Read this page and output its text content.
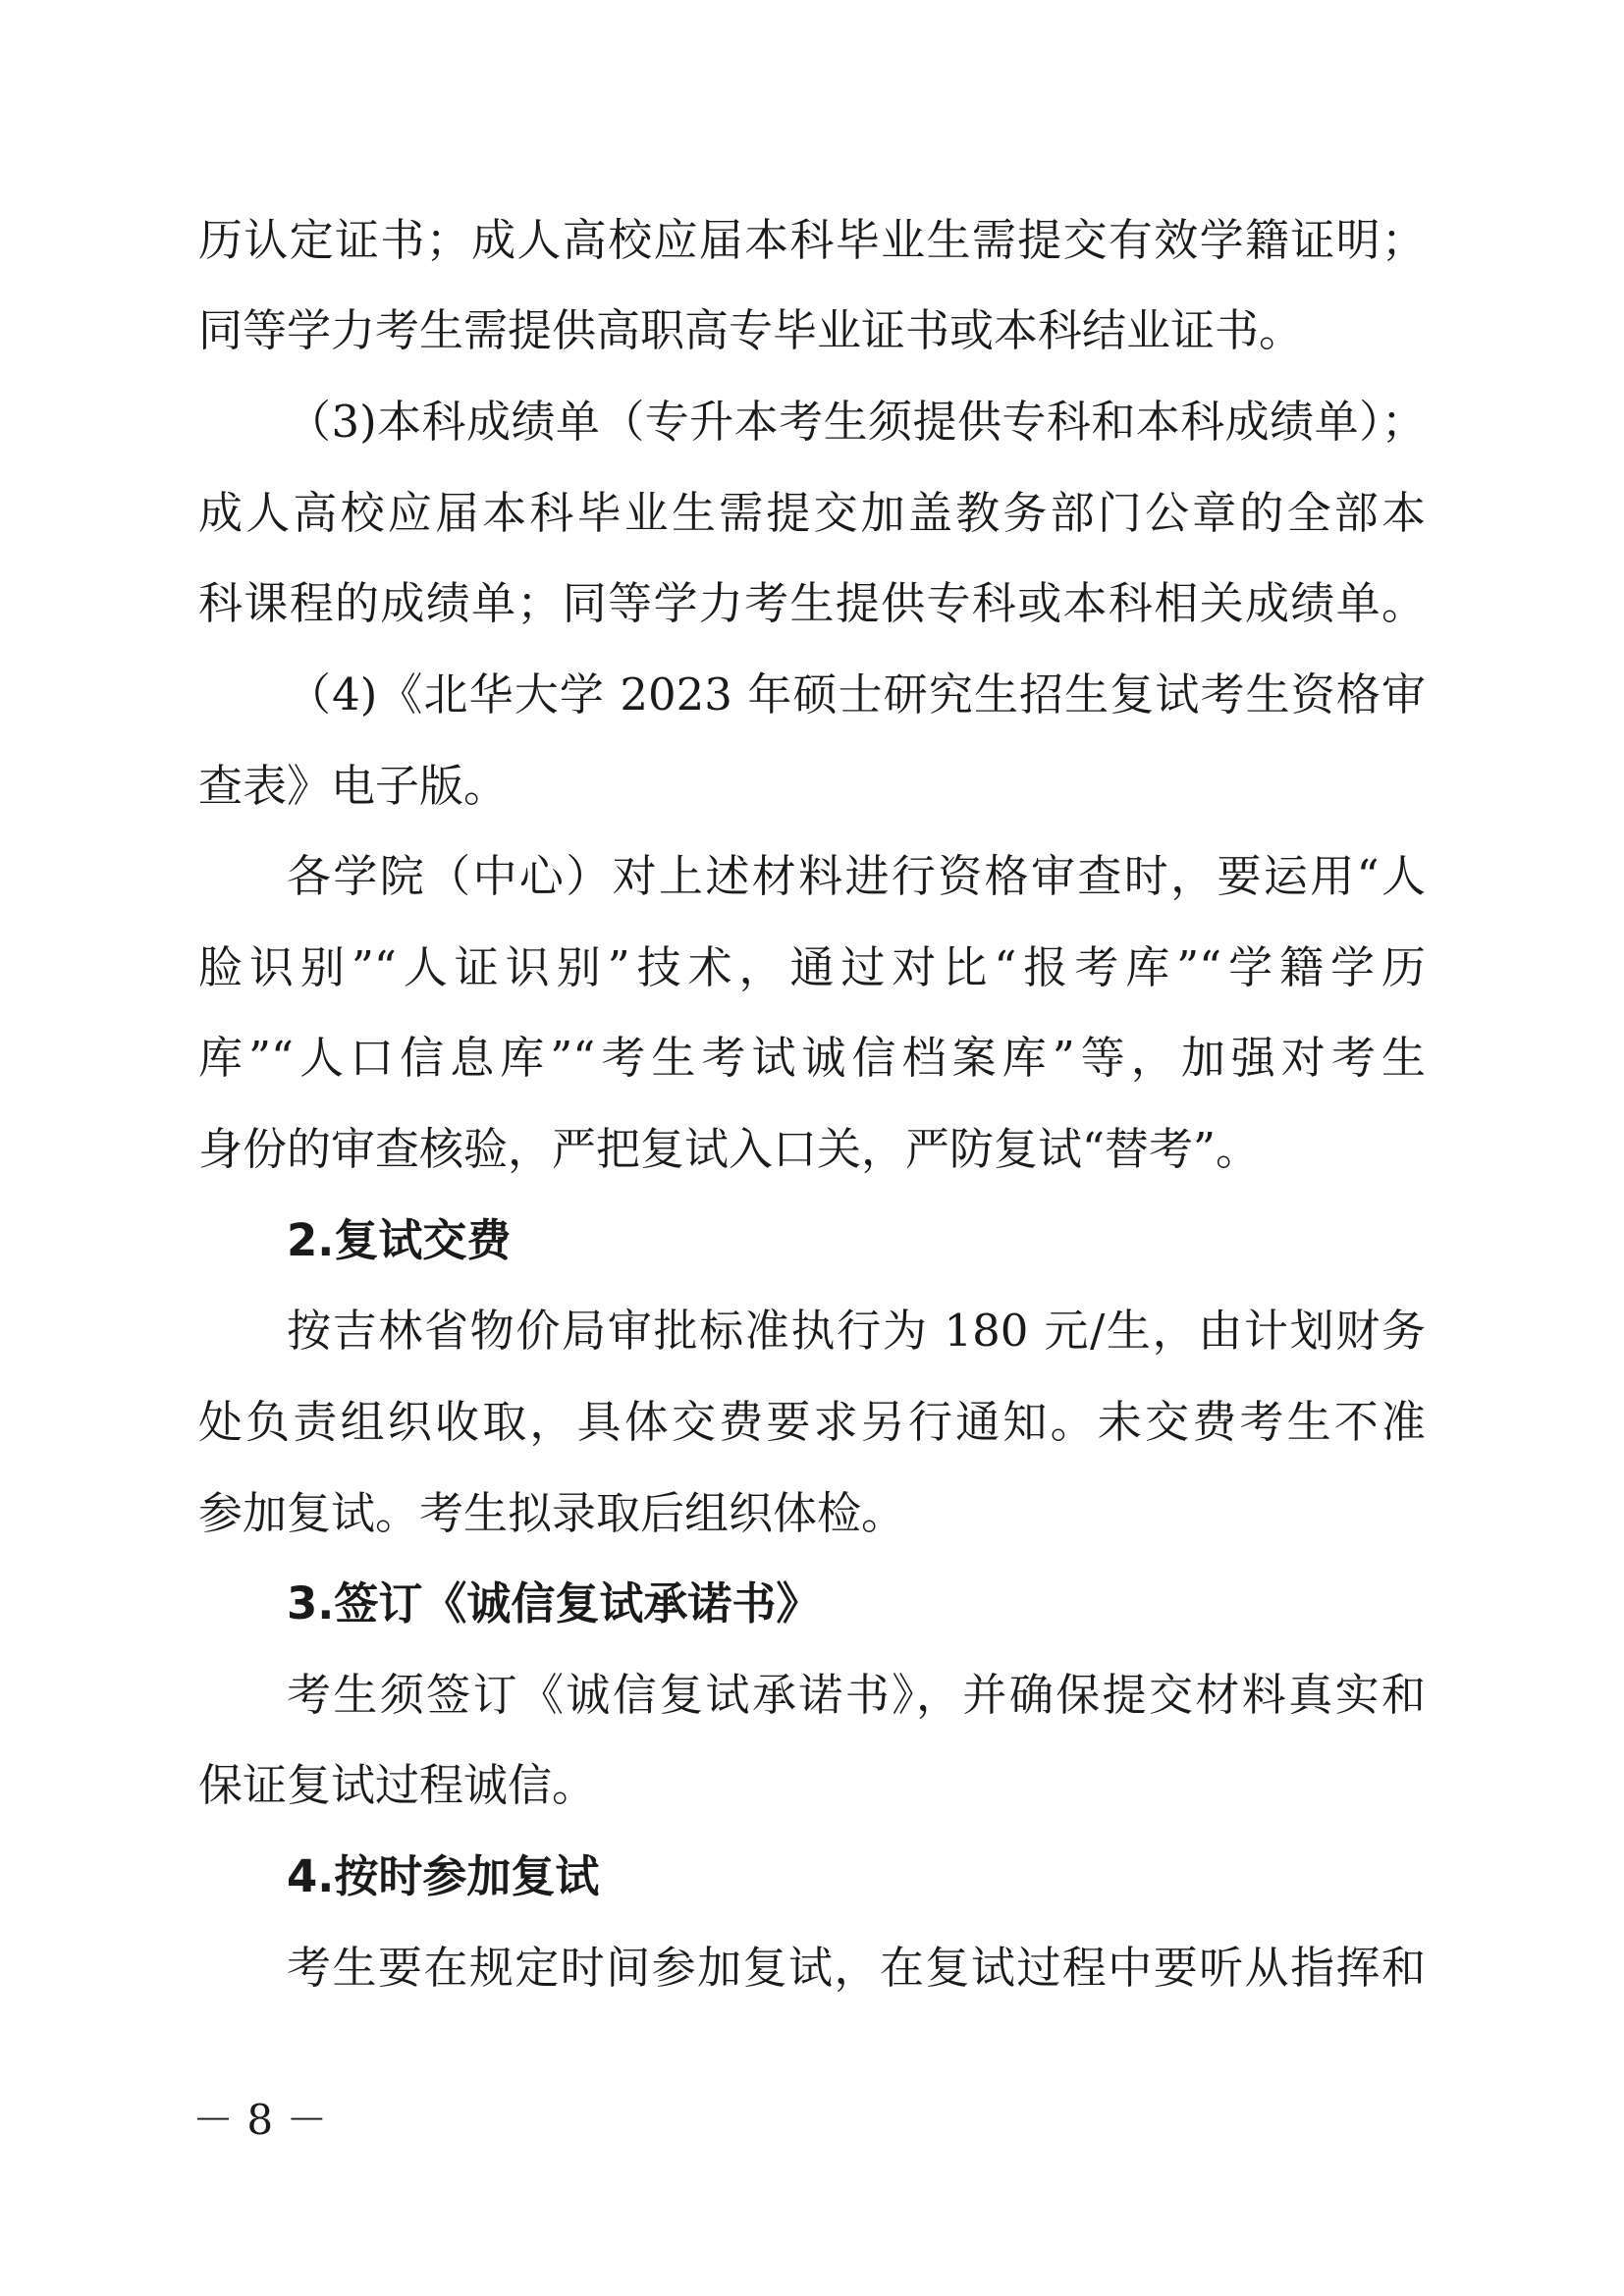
历认定证书；成人高校应届本科毕业生需提交有效学籍证明；
同等学力考生需提供高职高专毕业证书或本科结业证书。
（3)本科成绩单（专升本考生须提供专科和本科成绩单）；
成人高校应届本科毕业生需提交加盖教务部门公章的全部本
科课程的成绩单；同等学力考生提供专科或本科相关成绩单。
（4)《北华大学 2023 年硕士研究生招生复试考生资格审
查表》电子版。
各学院（中心）对上述材料进行资格审查时，要运用“人
脸识别”“人证识别”技术，通过对比“报考库”“学籍学历
库”“人口信息库”“考生考试诚信档案库”等，加强对考生
身份的审查核验，严把复试入口关，严防复试“替考”。
2.复试交费
按吉林省物价局审批标准执行为 180 元/生，由计划财务
处负责组织收取，具体交费要求另行通知。未交费考生不准
参加复试。考生拟录取后组织体检。
3.签订《诚信复试承诺书》
考生须签订《诚信复试承诺书》，并确保提交材料真实和
保证复试过程诚信。
4.按时参加复试
考生要在规定时间参加复试，在复试过程中要听从指挥和
－ 8 －
